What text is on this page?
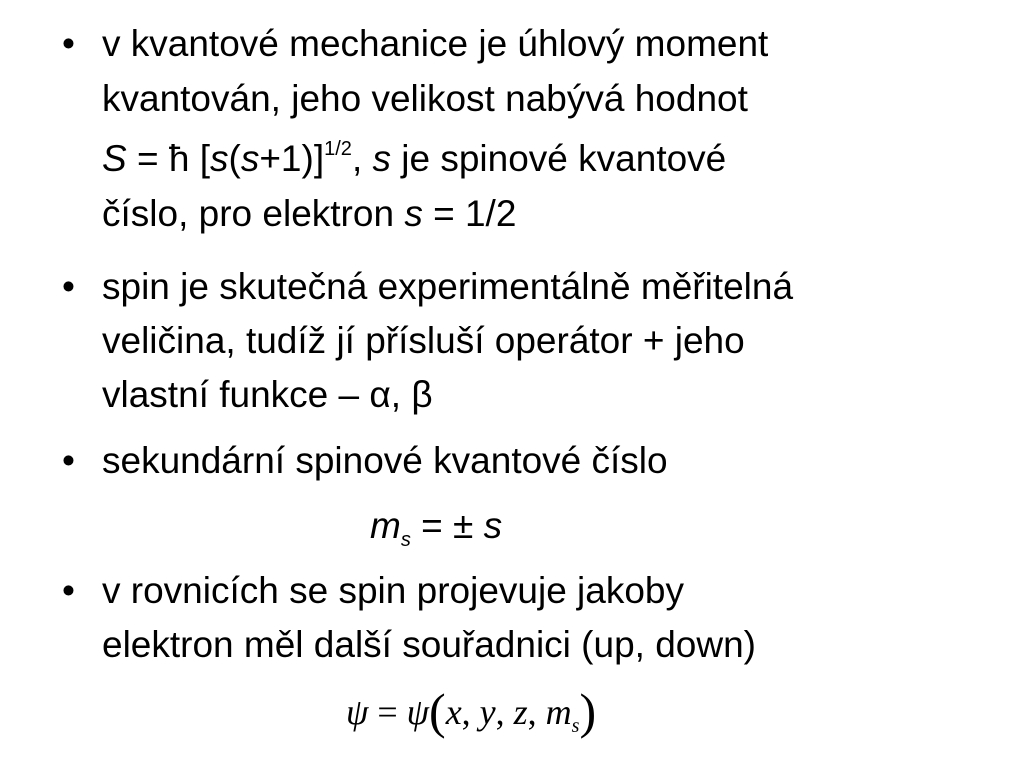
• v kvantové mechanice je úhlový moment
kvantován, jeho velikost nabývá hodnot
S = ħ $[s(s+1)]^{1/2}$, s je spinové kvantové
číslo, pro elektron s = 1/2
• spin je skutečná experimentálně měřitelná
veličina, tudíž jí přísluší operátor + jeho
vlastní funkce – α, β
• sekundární spinové kvantové číslo
$m_s$ = ± s
• v rovnicích se spin projevuje jakoby
elektron měl další souřadnici (up, down)
ψ = ψ(x, y, z, $m_s$)
